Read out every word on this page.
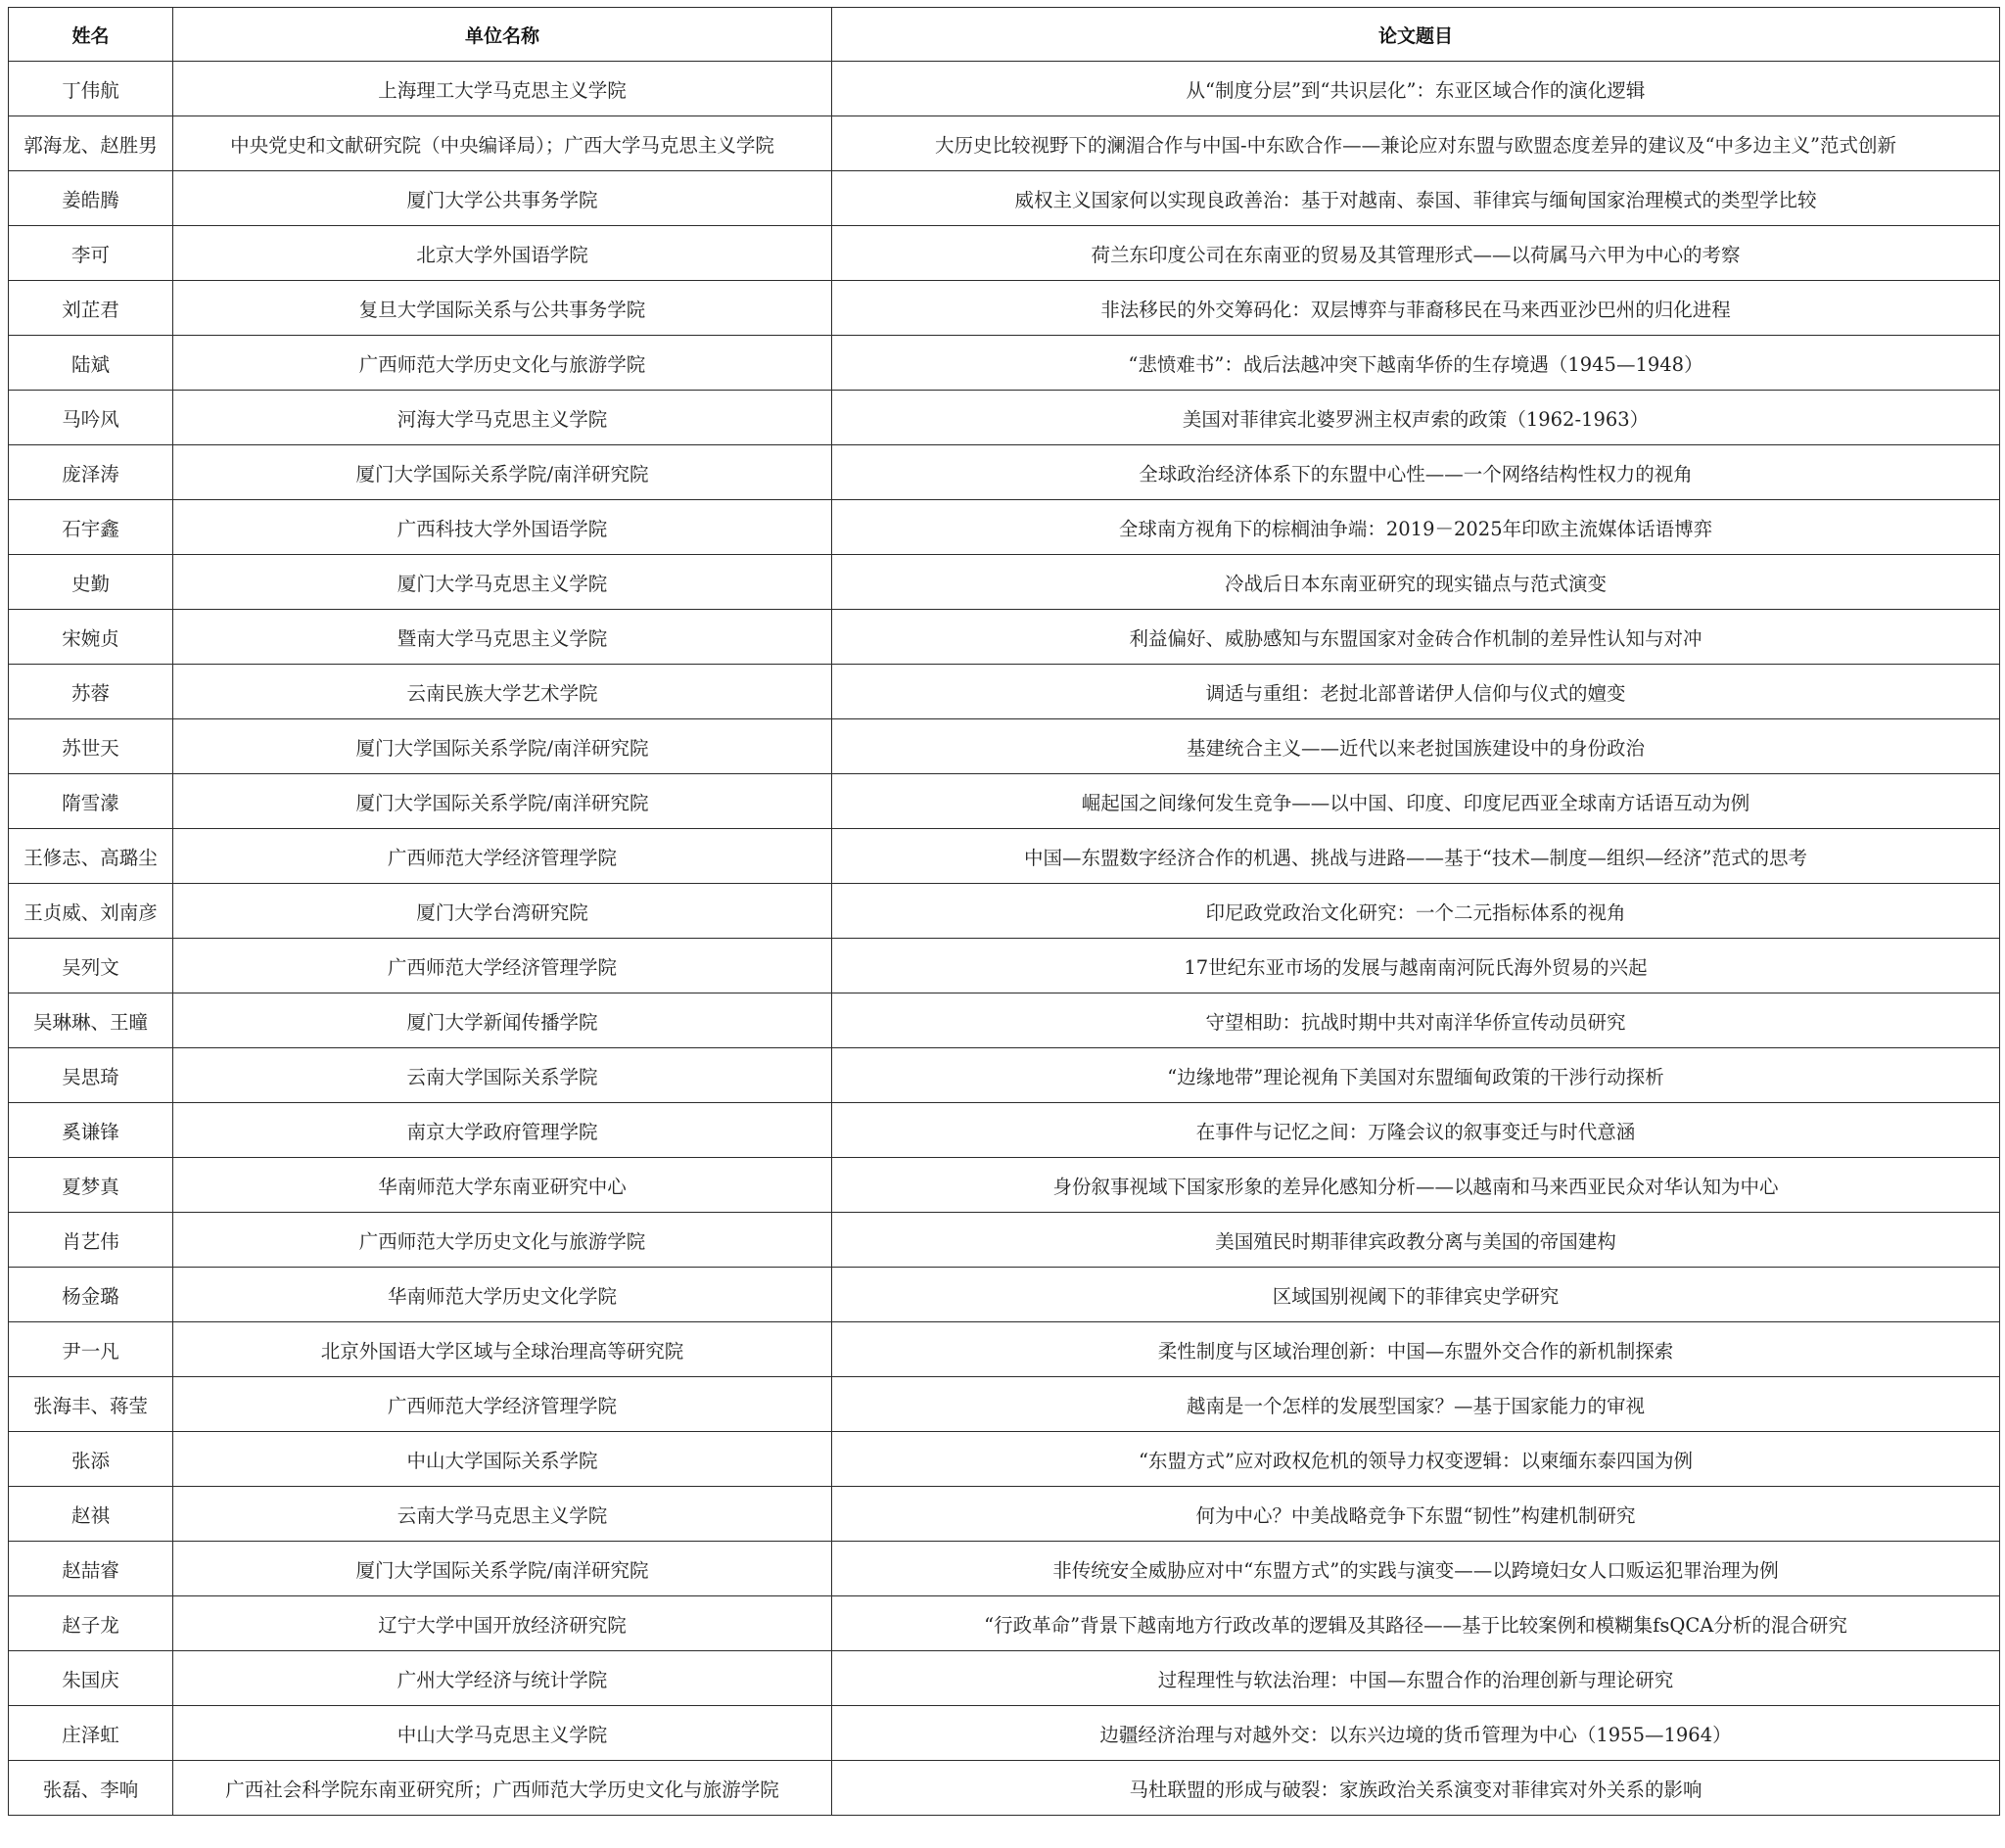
姓名	单位名称	论文题目
丁伟航	上海理工大学马克思主义学院	从“制度分层”到“共识层化”：东亚区域合作的演化逻辑
郭海龙、赵胜男	中央党史和文献研究院（中央编译局）；广西大学马克思主义学院	大历史比较视野下的澜湄合作与中国-中东欧合作——兼论应对东盟与欧盟态度差异的建议及“中多边主义”范式创新
姜皓腾	厦门大学公共事务学院	威权主义国家何以实现良政善治：基于对越南、泰国、菲律宾与缅甸国家治理模式的类型学比较
李可	北京大学外国语学院	荷兰东印度公司在东南亚的贸易及其管理形式——以荷属马六甲为中心的考察
刘芷君	复旦大学国际关系与公共事务学院	非法移民的外交筹码化：双层博弈与菲裔移民在马来西亚沙巴州的归化进程
陆斌	广西师范大学历史文化与旅游学院	“悲愤难书”：战后法越冲突下越南华侨的生存境遇（1945—1948）
马吟风	河海大学马克思主义学院	美国对菲律宾北婆罗洲主权声索的政策（1962-1963）
庞泽涛	厦门大学国际关系学院/南洋研究院	全球政治经济体系下的东盟中心性——一个网络结构性权力的视角
石宇鑫	广西科技大学外国语学院	全球南方视角下的棕榈油争端：2019－2025年印欧主流媒体话语博弈
史勤	厦门大学马克思主义学院	冷战后日本东南亚研究的现实锚点与范式演变
宋婉贞	暨南大学马克思主义学院	利益偏好、威胁感知与东盟国家对金砖合作机制的差异性认知与对冲
苏蓉	云南民族大学艺术学院	调适与重组：老挝北部普诺伊人信仰与仪式的嬗变
苏世天	厦门大学国际关系学院/南洋研究院	基建统合主义——近代以来老挝国族建设中的身份政治
隋雪濛	厦门大学国际关系学院/南洋研究院	崛起国之间缘何发生竞争——以中国、印度、印度尼西亚全球南方话语互动为例
王修志、高璐尘	广西师范大学经济管理学院	中国—东盟数字经济合作的机遇、挑战与进路——基于“技术—制度—组织—经济”范式的思考
王贞威、刘南彦	厦门大学台湾研究院	印尼政党政治文化研究：一个二元指标体系的视角
吴列文	广西师范大学经济管理学院	17世纪东亚市场的发展与越南南河阮氏海外贸易的兴起
吴琳琳、王曈	厦门大学新闻传播学院	守望相助：抗战时期中共对南洋华侨宣传动员研究
吴思琦	云南大学国际关系学院	“边缘地带”理论视角下美国对东盟缅甸政策的干涉行动探析
奚谦锋	南京大学政府管理学院	在事件与记忆之间：万隆会议的叙事变迁与时代意涵
夏梦真	华南师范大学东南亚研究中心	身份叙事视域下国家形象的差异化感知分析——以越南和马来西亚民众对华认知为中心
肖艺伟	广西师范大学历史文化与旅游学院	美国殖民时期菲律宾政教分离与美国的帝国建构
杨金璐	华南师范大学历史文化学院	区域国别视阈下的菲律宾史学研究
尹一凡	北京外国语大学区域与全球治理高等研究院	柔性制度与区域治理创新：中国—东盟外交合作的新机制探索
张海丰、蒋莹	广西师范大学经济管理学院	越南是一个怎样的发展型国家？—基于国家能力的审视
张添	中山大学国际关系学院	“东盟方式”应对政权危机的领导力权变逻辑：以柬缅东泰四国为例
赵祺	云南大学马克思主义学院	何为中心？中美战略竞争下东盟“韧性”构建机制研究
赵喆睿	厦门大学国际关系学院/南洋研究院	非传统安全威胁应对中“东盟方式”的实践与演变——以跨境妇女人口贩运犯罪治理为例
赵子龙	辽宁大学中国开放经济研究院	“行政革命”背景下越南地方行政改革的逻辑及其路径——基于比较案例和模糊集fsQCA分析的混合研究
朱国庆	广州大学经济与统计学院	过程理性与软法治理：中国—东盟合作的治理创新与理论研究
庄泽虹	中山大学马克思主义学院	边疆经济治理与对越外交：以东兴边境的货币管理为中心（1955—1964）
张磊、李响	广西社会科学院东南亚研究所；广西师范大学历史文化与旅游学院	马杜联盟的形成与破裂：家族政治关系演变对菲律宾对外关系的影响
